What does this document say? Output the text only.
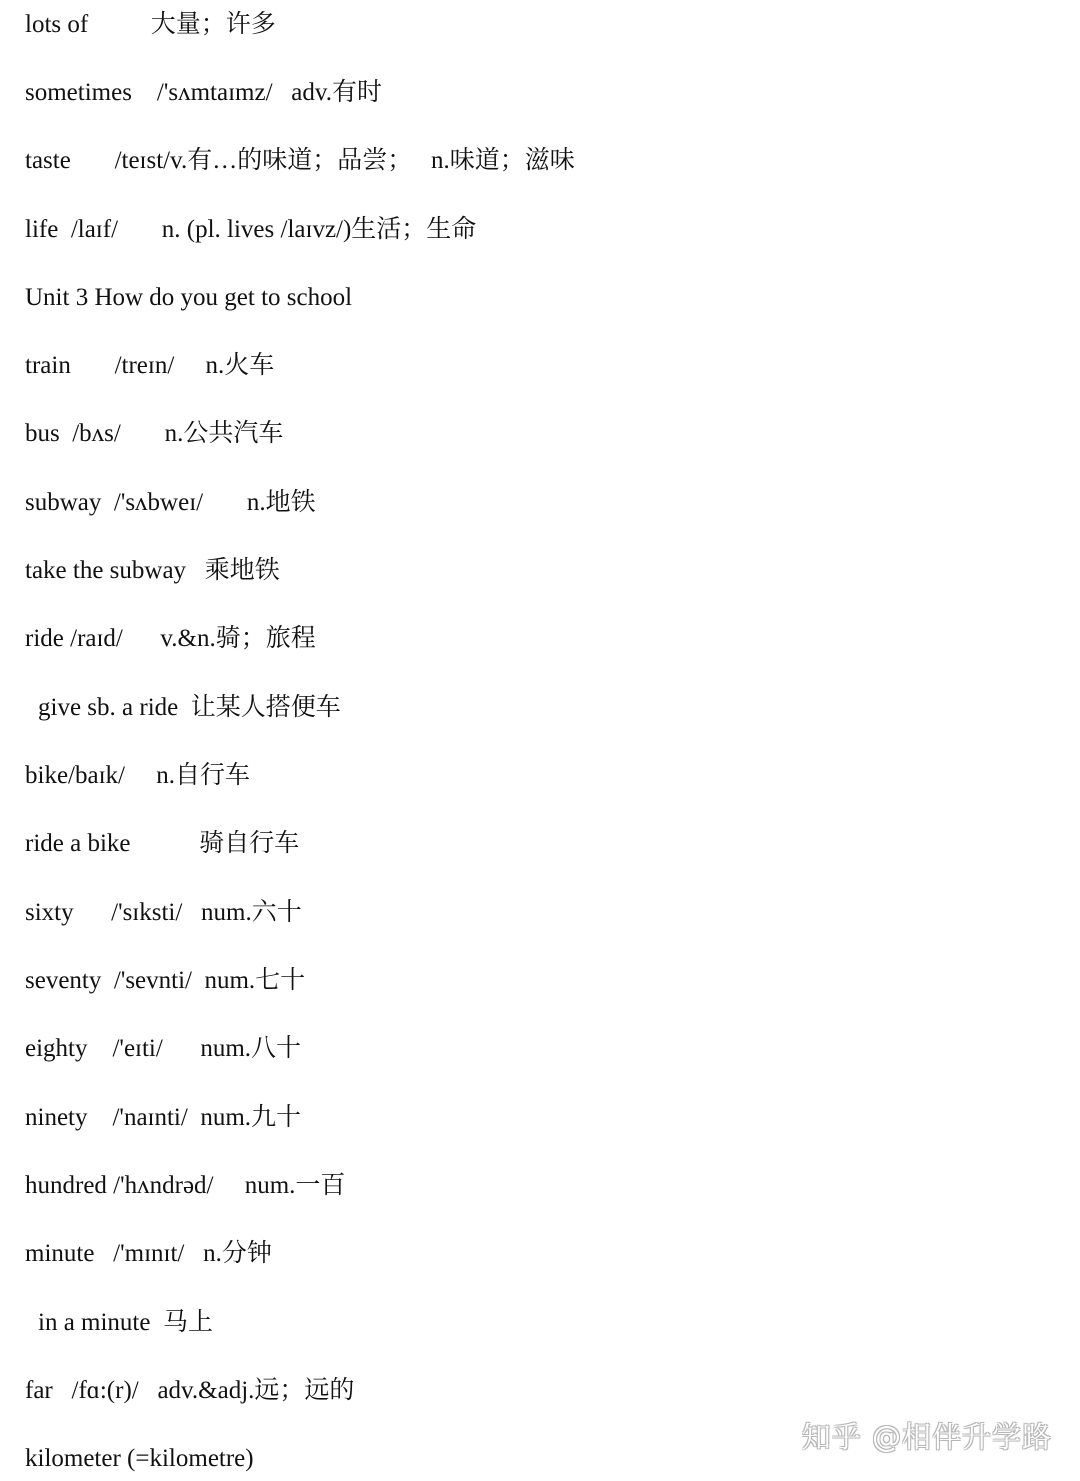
lots of          大量；许多
sometimes    /'sʌmtaɪmz/   adv.有时
taste       /teɪst/v.有…的味道；品尝；   n.味道；滋味
life  /laɪf/       n. (pl. lives /laɪvz/)生活；生命
Unit 3 How do you get to school
train       /treɪn/     n.火车
bus  /bʌs/       n.公共汽车
subway  /'sʌbweɪ/       n.地铁
take the subway   乘地铁
ride /raɪd/      v.&n.骑；旅程
give sb. a ride  让某人搭便车
bike/baɪk/     n.自行车
ride a bike           骑自行车
sixty      /'sɪksti/   num.六十
seventy  /'sevnti/  num.七十
eighty    /'eɪti/      num.八十
ninety    /'naɪnti/  num.九十
hundred /'hʌndrəd/     num.一百
minute   /'mɪnɪt/   n.分钟
in a minute  马上
far   /fɑ:(r)/   adv.&adj.远；远的
kilometer (=kilometre)
知乎 @相伴升学路
